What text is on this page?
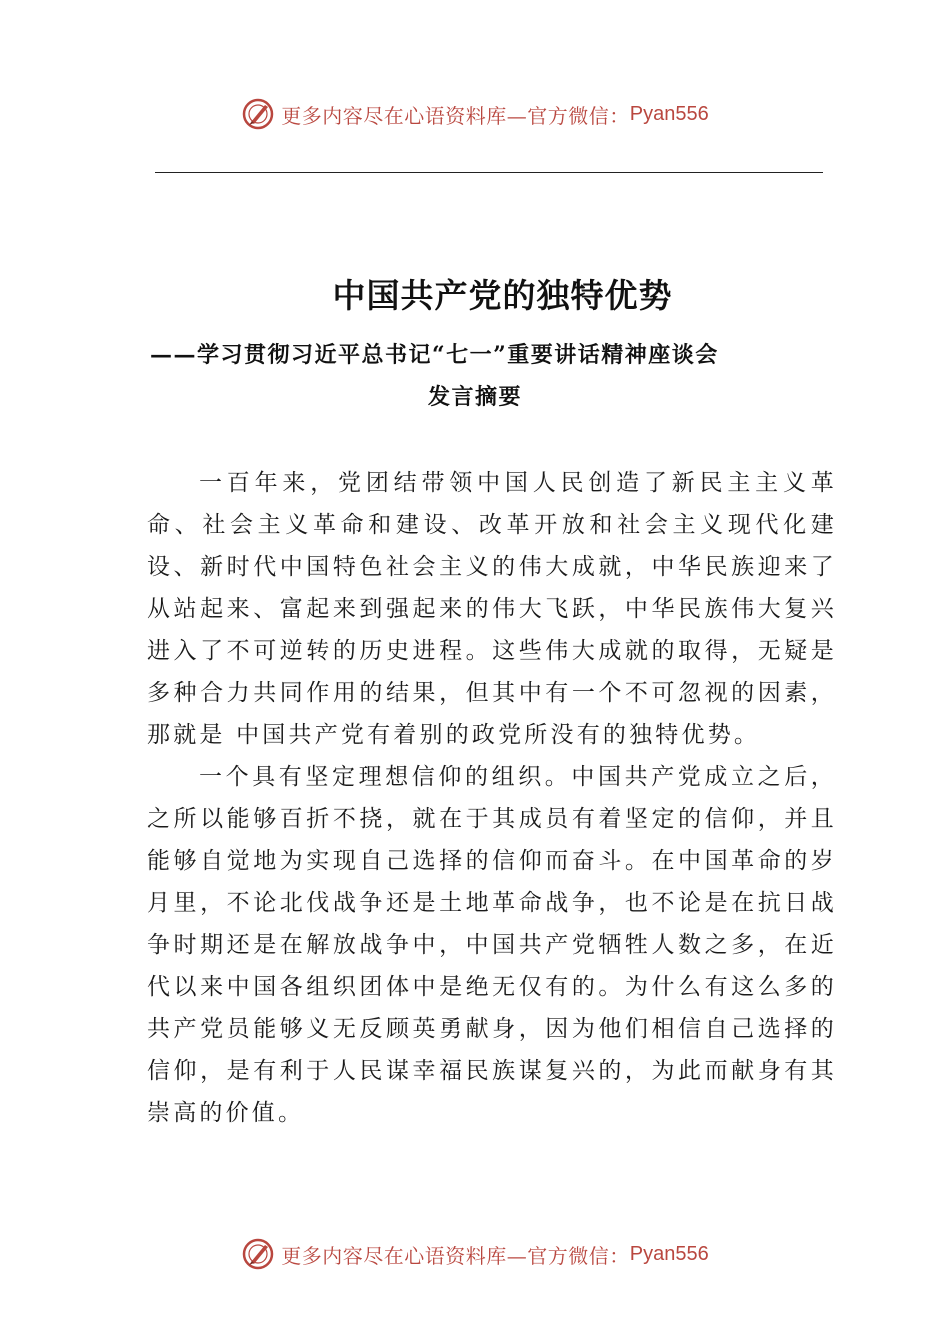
更多内容尽在心语资料库—官方微信： Pyan556
中国共产党的独特优势
——学习贯彻习近平总书记“七一”重要讲话精神座谈会
发言摘要

一百年来，党团结带领中国人民创造了新民主主义革命、社会主义革命和建设、改革开放和社会主义现代化建设、新时代中国特色社会主义的伟大成就，中华民族迎来了从站起来、富起来到强起来的伟大飞跃，中华民族伟大复兴进入了不可逆转的历史进程。这些伟大成就的取得，无疑是多种合力共同作用的结果，但其中有一个不可忽视的因素，那就是 中国共产党有着别的政党所没有的独特优势。

一个具有坚定理想信仰的组织。中国共产党成立之后，之所以能够百折不挠，就在于其成员有着坚定的信仰，并且能够自觉地为实现自己选择的信仰而奋斗。在中国革命的岁月里，不论北伐战争还是土地革命战争，也不论是在抗日战争时期还是在解放战争中，中国共产党牺牲人数之多，在近代以来中国各组织团体中是绝无仅有的。为什么有这么多的共产党员能够义无反顾英勇献身，因为他们相信自己选择的信仰，是有利于人民谋幸福民族谋复兴的，为此而献身有其崇高的价值。

更多内容尽在心语资料库—官方微信： Pyan556
